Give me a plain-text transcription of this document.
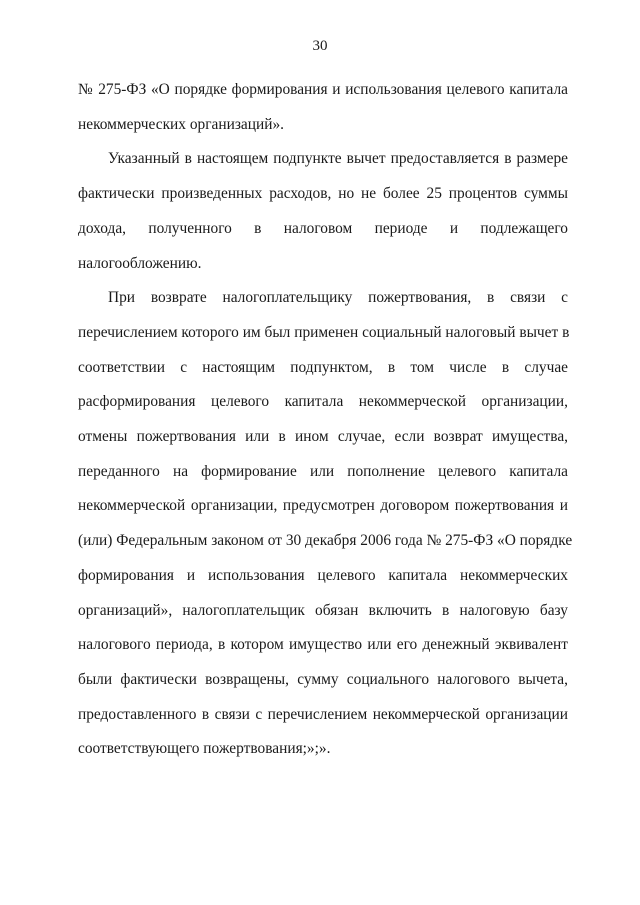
30

№ 275-ФЗ «О порядке формирования и использования целевого капитала
некоммерческих организаций».

Указанный в настоящем подпункте вычет предоставляется в размере
фактически произведенных расходов, но не более 25 процентов суммы
дохода, полученного в налоговом периоде и подлежащего
налогообложению.

При возврате налогоплательщику пожертвования, в связи с
перечислением которого им был применен социальный налоговый вычет в
соответствии с настоящим подпунктом, в том числе в случае
расформирования целевого капитала некоммерческой организации,
отмены пожертвования или в ином случае, если возврат имущества,
переданного на формирование или пополнение целевого капитала
некоммерческой организации, предусмотрен договором пожертвования и
(или) Федеральным законом от 30 декабря 2006 года № 275-ФЗ «О порядке
формирования и использования целевого капитала некоммерческих
организаций», налогоплательщик обязан включить в налоговую базу
налогового периода, в котором имущество или его денежный эквивалент
были фактически возвращены, сумму социального налогового вычета,
предоставленного в связи с перечислением некоммерческой организации
соответствующего пожертвования;»;».
